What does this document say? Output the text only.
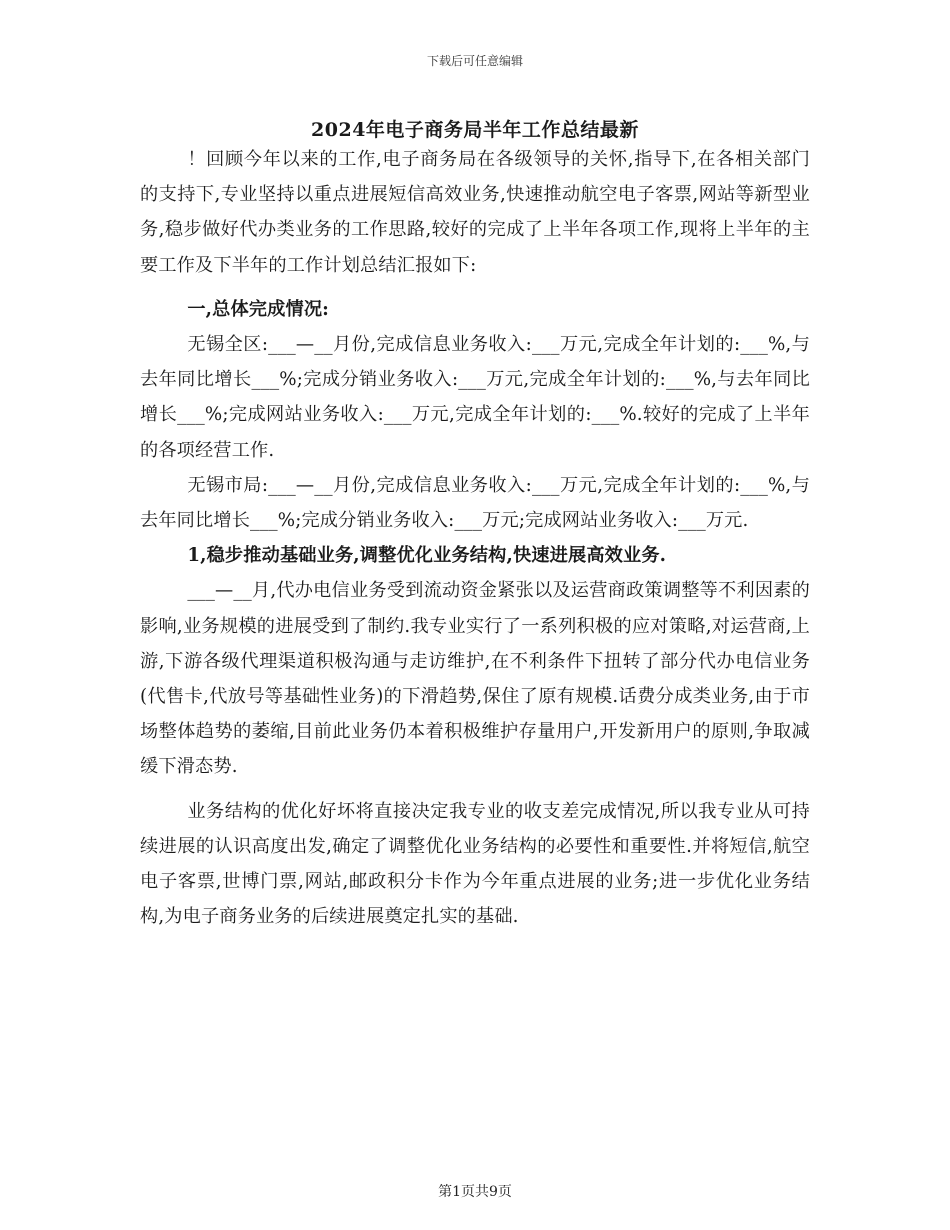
下载后可任意编辑
2024年电子商务局半年工作总结最新

！回顾今年以来的工作,电子商务局在各级领导的关怀,指导下,在各相关部门的支持下,专业坚持以重点进展短信高效业务,快速推动航空电子客票,网站等新型业务,稳步做好代办类业务的工作思路,较好的完成了上半年各项工作,现将上半年的主要工作及下半年的工作计划总结汇报如下:

一,总体完成情况:

无锡全区:___—__月份,完成信息业务收入:___万元,完成全年计划的:___%,与去年同比增长___%;完成分销业务收入:___万元,完成全年计划的:___%,与去年同比增长___%;完成网站业务收入:___万元,完成全年计划的:___%.较好的完成了上半年的各项经营工作.

无锡市局:___—__月份,完成信息业务收入:___万元,完成全年计划的:___%,与去年同比增长___%;完成分销业务收入:___万元;完成网站业务收入:___万元.

1,稳步推动基础业务,调整优化业务结构,快速进展高效业务.

___—__月,代办电信业务受到流动资金紧张以及运营商政策调整等不利因素的影响,业务规模的进展受到了制约.我专业实行了一系列积极的应对策略,对运营商,上游,下游各级代理渠道积极沟通与走访维护,在不利条件下扭转了部分代办电信业务(代售卡,代放号等基础性业务)的下滑趋势,保住了原有规模.话费分成类业务,由于市场整体趋势的萎缩,目前此业务仍本着积极维护存量用户,开发新用户的原则,争取减缓下滑态势.

业务结构的优化好坏将直接决定我专业的收支差完成情况,所以我专业从可持续进展的认识高度出发,确定了调整优化业务结构的必要性和重要性.并将短信,航空电子客票,世博门票,网站,邮政积分卡作为今年重点进展的业务;进一步优化业务结构,为电子商务业务的后续进展奠定扎实的基础.

第1页共9页
